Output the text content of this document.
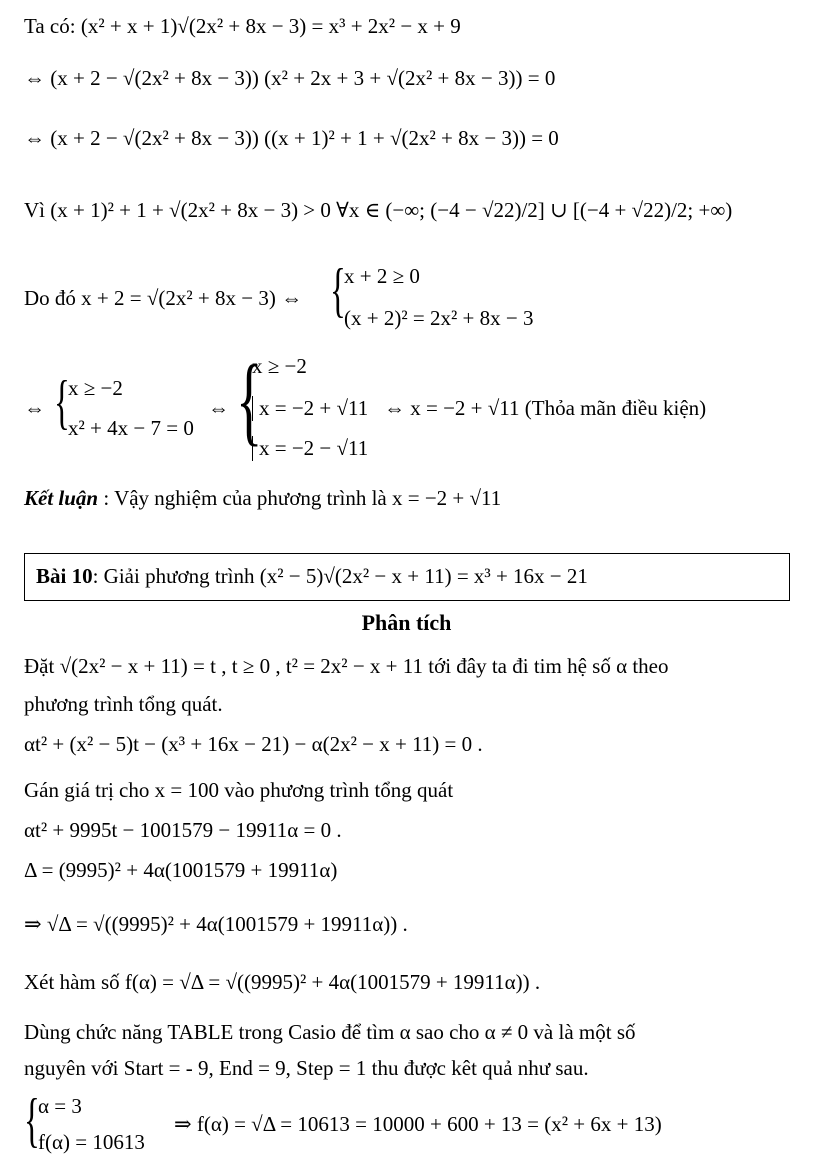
Ta có: (x² + x + 1)√(2x² + 8x − 3) = x³ + 2x² − x + 9
⇔ (x + 2 − √(2x² + 8x − 3)) (x² + 2x + 3 + √(2x² + 8x − 3)) = 0
⇔ (x + 2 − √(2x² + 8x − 3)) ((x + 1)² + 1 + √(2x² + 8x − 3)) = 0
Vì (x + 1)² + 1 + √(2x² + 8x − 3) > 0 ∀x ∈ (−∞; (−4 − √22)/2] ∪ [(−4 + √22)/2; +∞)
Do đó x + 2 = √(2x² + 8x − 3) ⇔ {
x + 2 ≥ 0
(x + 2)² = 2x² + 8x − 3
⇔ {
x ≥ −2
x² + 4x − 7 = 0
⇔ {
x ≥ −2
x = −2 + √11
x = −2 − √11
⇔ x = −2 + √11 (Thỏa mãn điều kiện)
Kết luận : Vậy nghiệm của phương trình là x = −2 + √11
Bài 10: Giải phương trình (x² − 5)√(2x² − x + 11) = x³ + 16x − 21
Phân tích
Đặt √(2x² − x + 11) = t , t ≥ 0 , t² = 2x² − x + 11 tới đây ta đi tim hệ số α theo
phương trình tổng quát.
αt² + (x² − 5)t − (x³ + 16x − 21) − α(2x² − x + 11) = 0 .
Gán giá trị cho x = 100 vào phương trình tổng quát
αt² + 9995t − 1001579 − 19911α = 0 .
Δ = (9995)² + 4α(1001579 + 19911α)
⇒ √Δ = √((9995)² + 4α(1001579 + 19911α)) .
Xét hàm số f(α) = √Δ = √((9995)² + 4α(1001579 + 19911α)) .
Dùng chức năng TABLE trong Casio để tìm α sao cho α ≠ 0 và là một số
nguyên với Start = - 9, End = 9, Step = 1 thu được kêt quả như sau.
{
α = 3
f(α) = 10613
⇒ f(α) = √Δ = 10613 = 10000 + 600 + 13 = (x² + 6x + 13)
